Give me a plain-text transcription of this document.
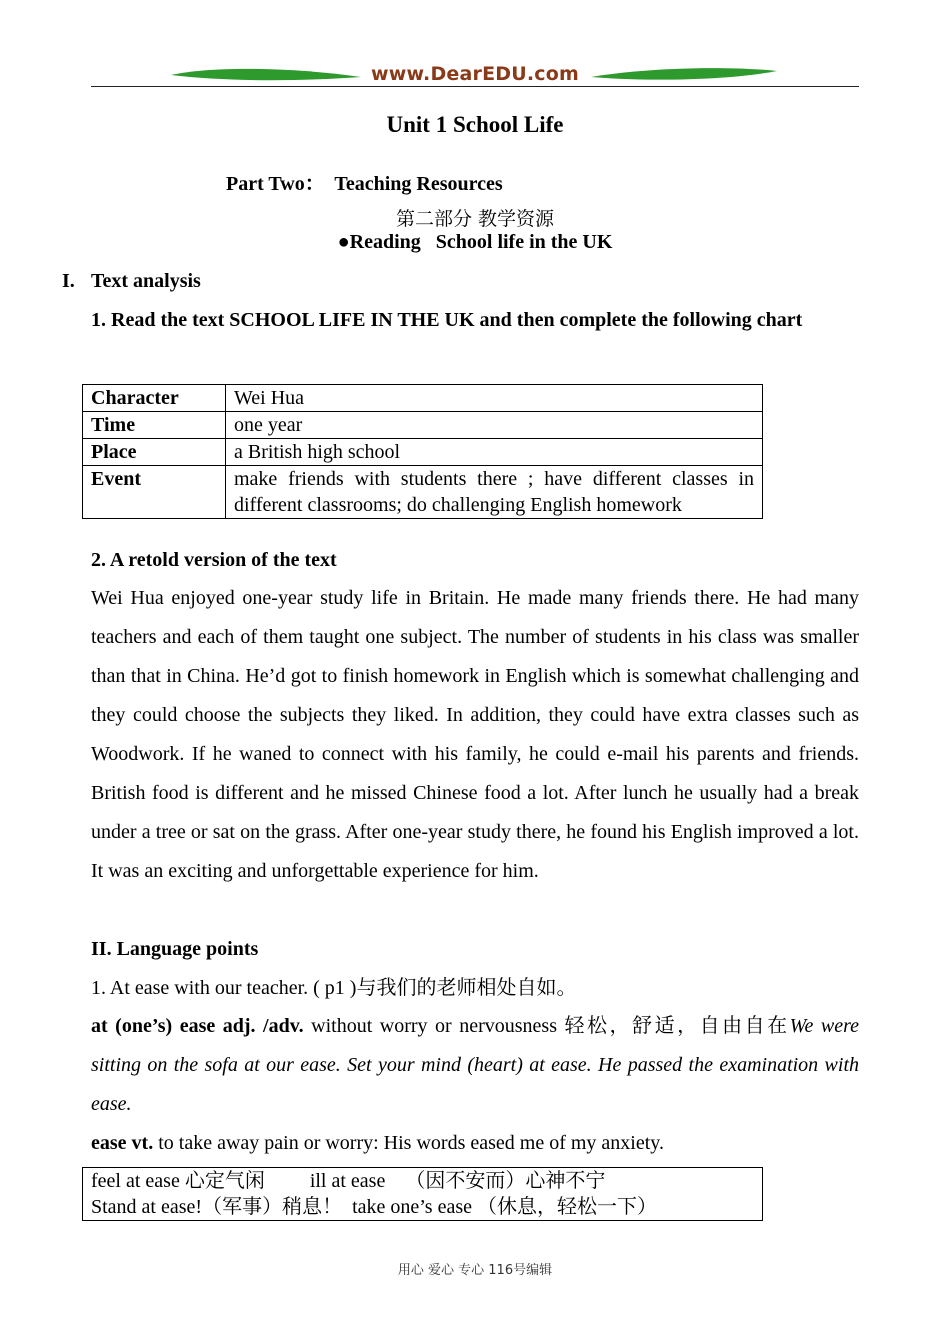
www.DearEDU.com
Unit 1 School Life
Part Two：  Teaching Resources
第二部分 教学资源
●Reading   School life in the UK
I. Text analysis
1. Read the text SCHOOL LIFE IN THE UK and then complete the following chart
Character	Wei Hua
Time	one year
Place	a British high school
Event	make friends with students there ; have different classes in different classrooms; do challenging English homework
2. A retold version of the text
Wei Hua enjoyed one-year study life in Britain. He made many friends there. He had many teachers and each of them taught one subject. The number of students in his class was smaller than that in China. He’d got to finish homework in English which is somewhat challenging and they could choose the subjects they liked. In addition, they could have extra classes such as Woodwork. If he waned to connect with his family, he could e-mail his parents and friends. British food is different and he missed Chinese food a lot. After lunch he usually had a break under a tree or sat on the grass. After one-year study there, he found his English improved a lot. It was an exciting and unforgettable experience for him.
II. Language points
1. At ease with our teacher. ( p1 )与我们的老师相处自如。
at (one’s) ease adj. /adv. without worry or nervousness 轻松，舒适，自由自在We were sitting on the sofa at our ease. Set your mind (heart) at ease. He passed the examination with ease.
ease vt. to take away pain or worry: His words eased me of my anxiety.
feel at ease 心定气闲         ill at ease    （因不安而）心神不宁
Stand at ease!（军事）稍息！  take one’s ease （休息，轻松一下）
用心 爱心 专心 116号编辑
